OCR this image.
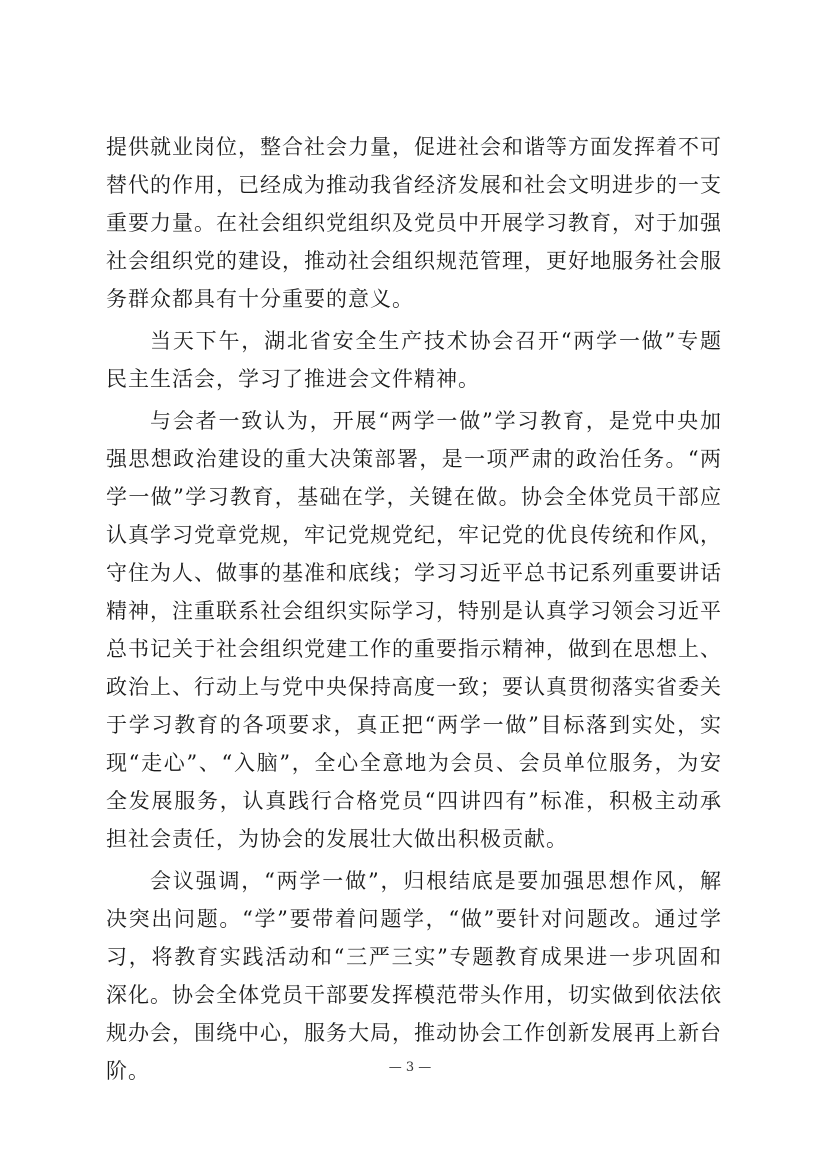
提供就业岗位，整合社会力量，促进社会和谐等方面发挥着不可替代的作用，已经成为推动我省经济发展和社会文明进步的一支重要力量。在社会组织党组织及党员中开展学习教育，对于加强社会组织党的建设，推动社会组织规范管理，更好地服务社会服务群众都具有十分重要的意义。

当天下午，湖北省安全生产技术协会召开“两学一做”专题民主生活会，学习了推进会文件精神。

与会者一致认为，开展“两学一做”学习教育，是党中央加强思想政治建设的重大决策部署，是一项严肃的政治任务。“两学一做”学习教育，基础在学，关键在做。协会全体党员干部应认真学习党章党规，牢记党规党纪，牢记党的优良传统和作风，守住为人、做事的基准和底线；学习习近平总书记系列重要讲话精神，注重联系社会组织实际学习，特别是认真学习领会习近平总书记关于社会组织党建工作的重要指示精神，做到在思想上、政治上、行动上与党中央保持高度一致；要认真贯彻落实省委关于学习教育的各项要求，真正把“两学一做”目标落到实处，实现“走心”、“入脑”，全心全意地为会员、会员单位服务，为安全发展服务，认真践行合格党员“四讲四有”标准，积极主动承担社会责任，为协会的发展壮大做出积极贡献。

会议强调，“两学一做”，归根结底是要加强思想作风，解决突出问题。“学”要带着问题学，“做”要针对问题改。通过学习，将教育实践活动和“三严三实”专题教育成果进一步巩固和深化。协会全体党员干部要发挥模范带头作用，切实做到依法依规办会，围绕中心，服务大局，推动协会工作创新发展再上新台阶。	— 3 —
